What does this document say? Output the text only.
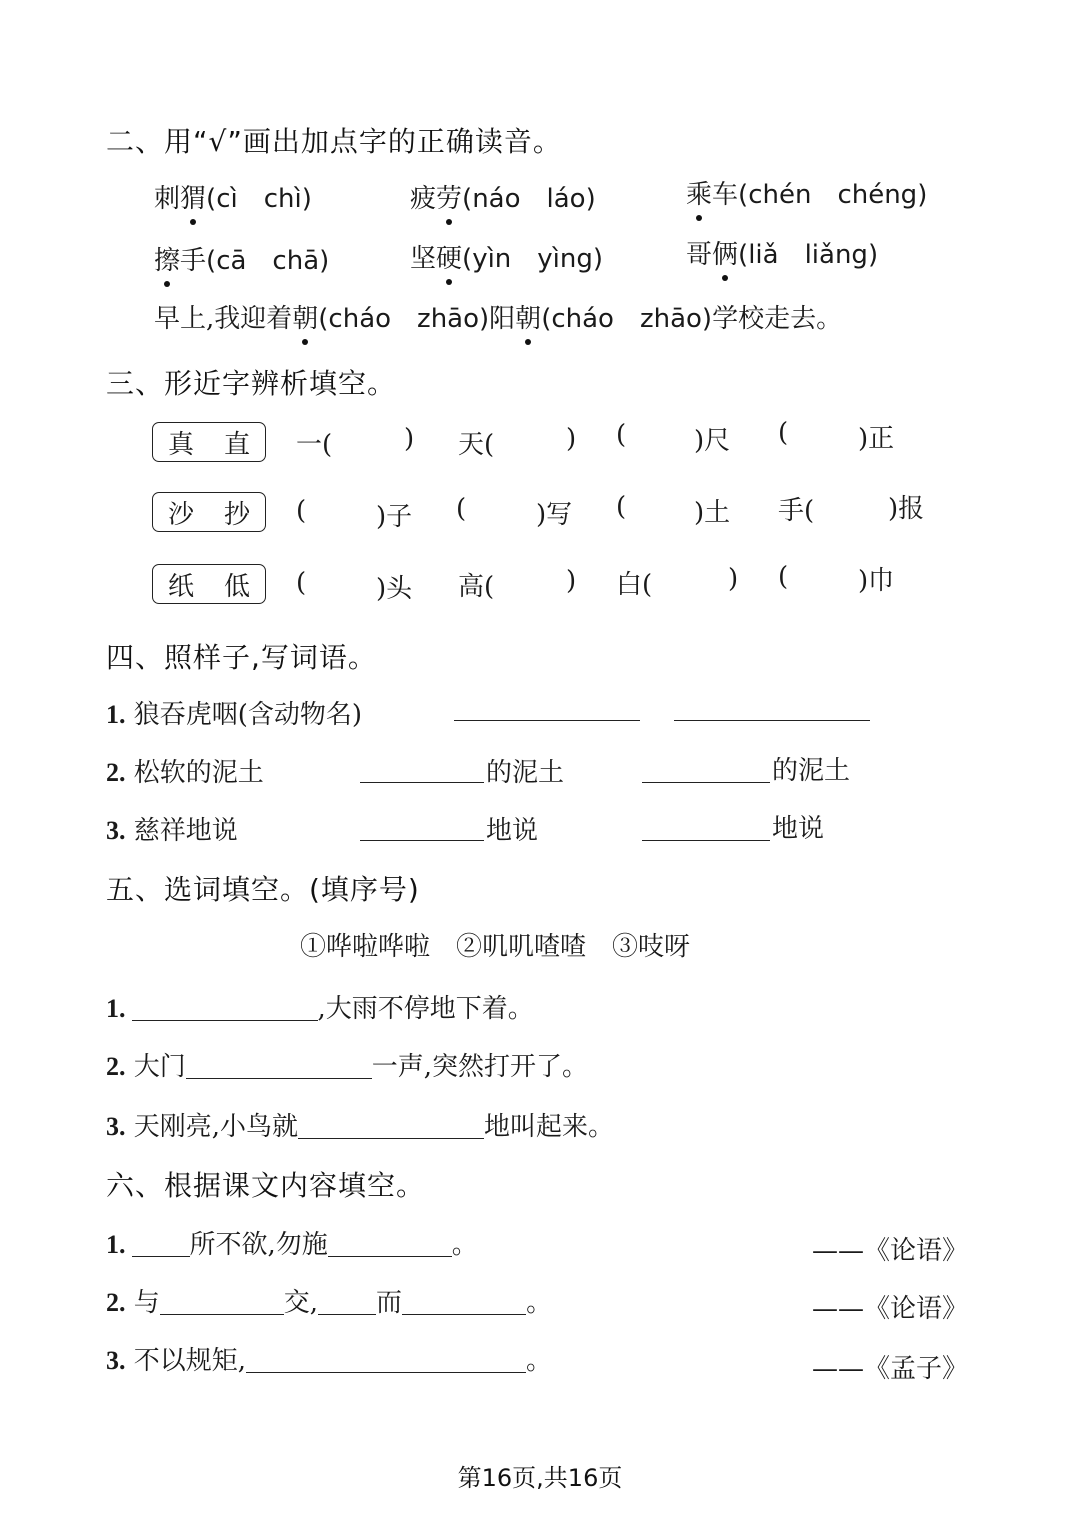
二、用“√”画出加点字的正确读音。
刺猬(cì chì)	疲劳(náo láo)	乘车(chén chéng)
擦手(cā chā)	坚硬(yìn yìng)	哥俩(liǎ liǎng)
早上,我迎着朝(cháo zhāo)阳朝(cháo zhāo)学校走去。
三、形近字辨析填空。
真 直 一(	) 天(	) (	)尺 (	)正
沙 抄 (	)子 (	)写 (	)土 手(	)报
纸 低 (	)头 高(	) 白(	) (	)巾
四、照样子,写词语。
1. 狼吞虎咽(含动物名)
2. 松软的泥土	的泥土	的泥土
3. 慈祥地说	地说	地说
五、选词填空。(填序号)
①哗啦哗啦　②叽叽喳喳　③吱呀
1.	,大雨不停地下着。
2. 大门	一声,突然打开了。
3. 天刚亮,小鸟就	地叫起来。
六、根据课文内容填空。
1. 所不欲,勿施	。	——《论语》
2. 与	交, 而	。	——《论语》
3. 不以规矩,	。	——《孟子》
第16页,共16页
